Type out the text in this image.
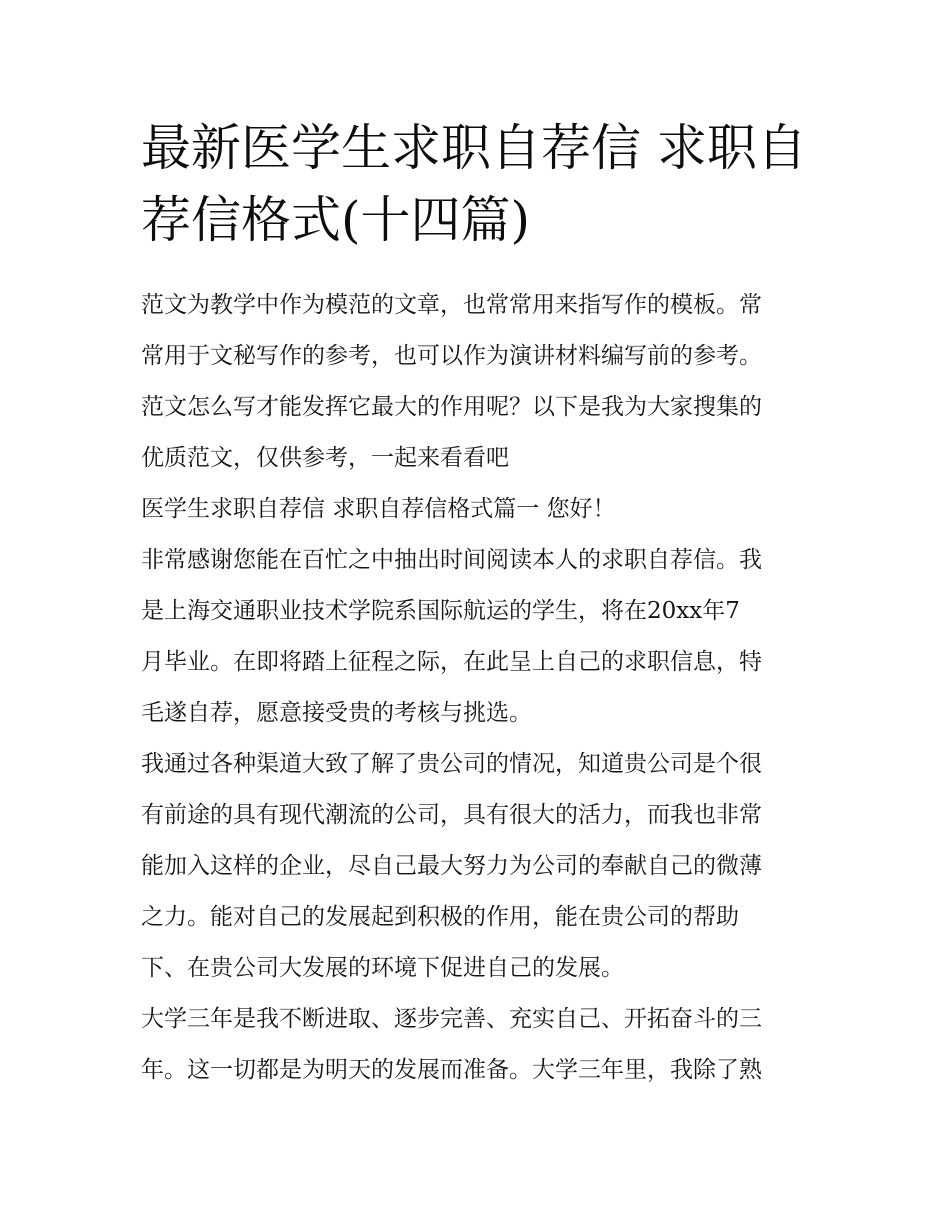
最新医学生求职自荐信 求职自
荐信格式(十四篇)

范文为教学中作为模范的文章，也常常用来指写作的模板。常
常用于文秘写作的参考，也可以作为演讲材料编写前的参考。
范文怎么写才能发挥它最大的作用呢？以下是我为大家搜集的
优质范文，仅供参考，一起来看看吧

医学生求职自荐信 求职自荐信格式篇一 您好！

非常感谢您能在百忙之中抽出时间阅读本人的求职自荐信。我
是上海交通职业技术学院系国际航运的学生，将在20xx年7
月毕业。在即将踏上征程之际，在此呈上自己的求职信息，特
毛遂自荐，愿意接受贵的考核与挑选。

我通过各种渠道大致了解了贵公司的情况，知道贵公司是个很
有前途的具有现代潮流的公司，具有很大的活力，而我也非常
能加入这样的企业，尽自己最大努力为公司的奉献自己的微薄
之力。能对自己的发展起到积极的作用，能在贵公司的帮助
下、在贵公司大发展的环境下促进自己的发展。

大学三年是我不断进取、逐步完善、充实自己、开拓奋斗的三
年。这一切都是为明天的发展而准备。大学三年里，我除了熟
